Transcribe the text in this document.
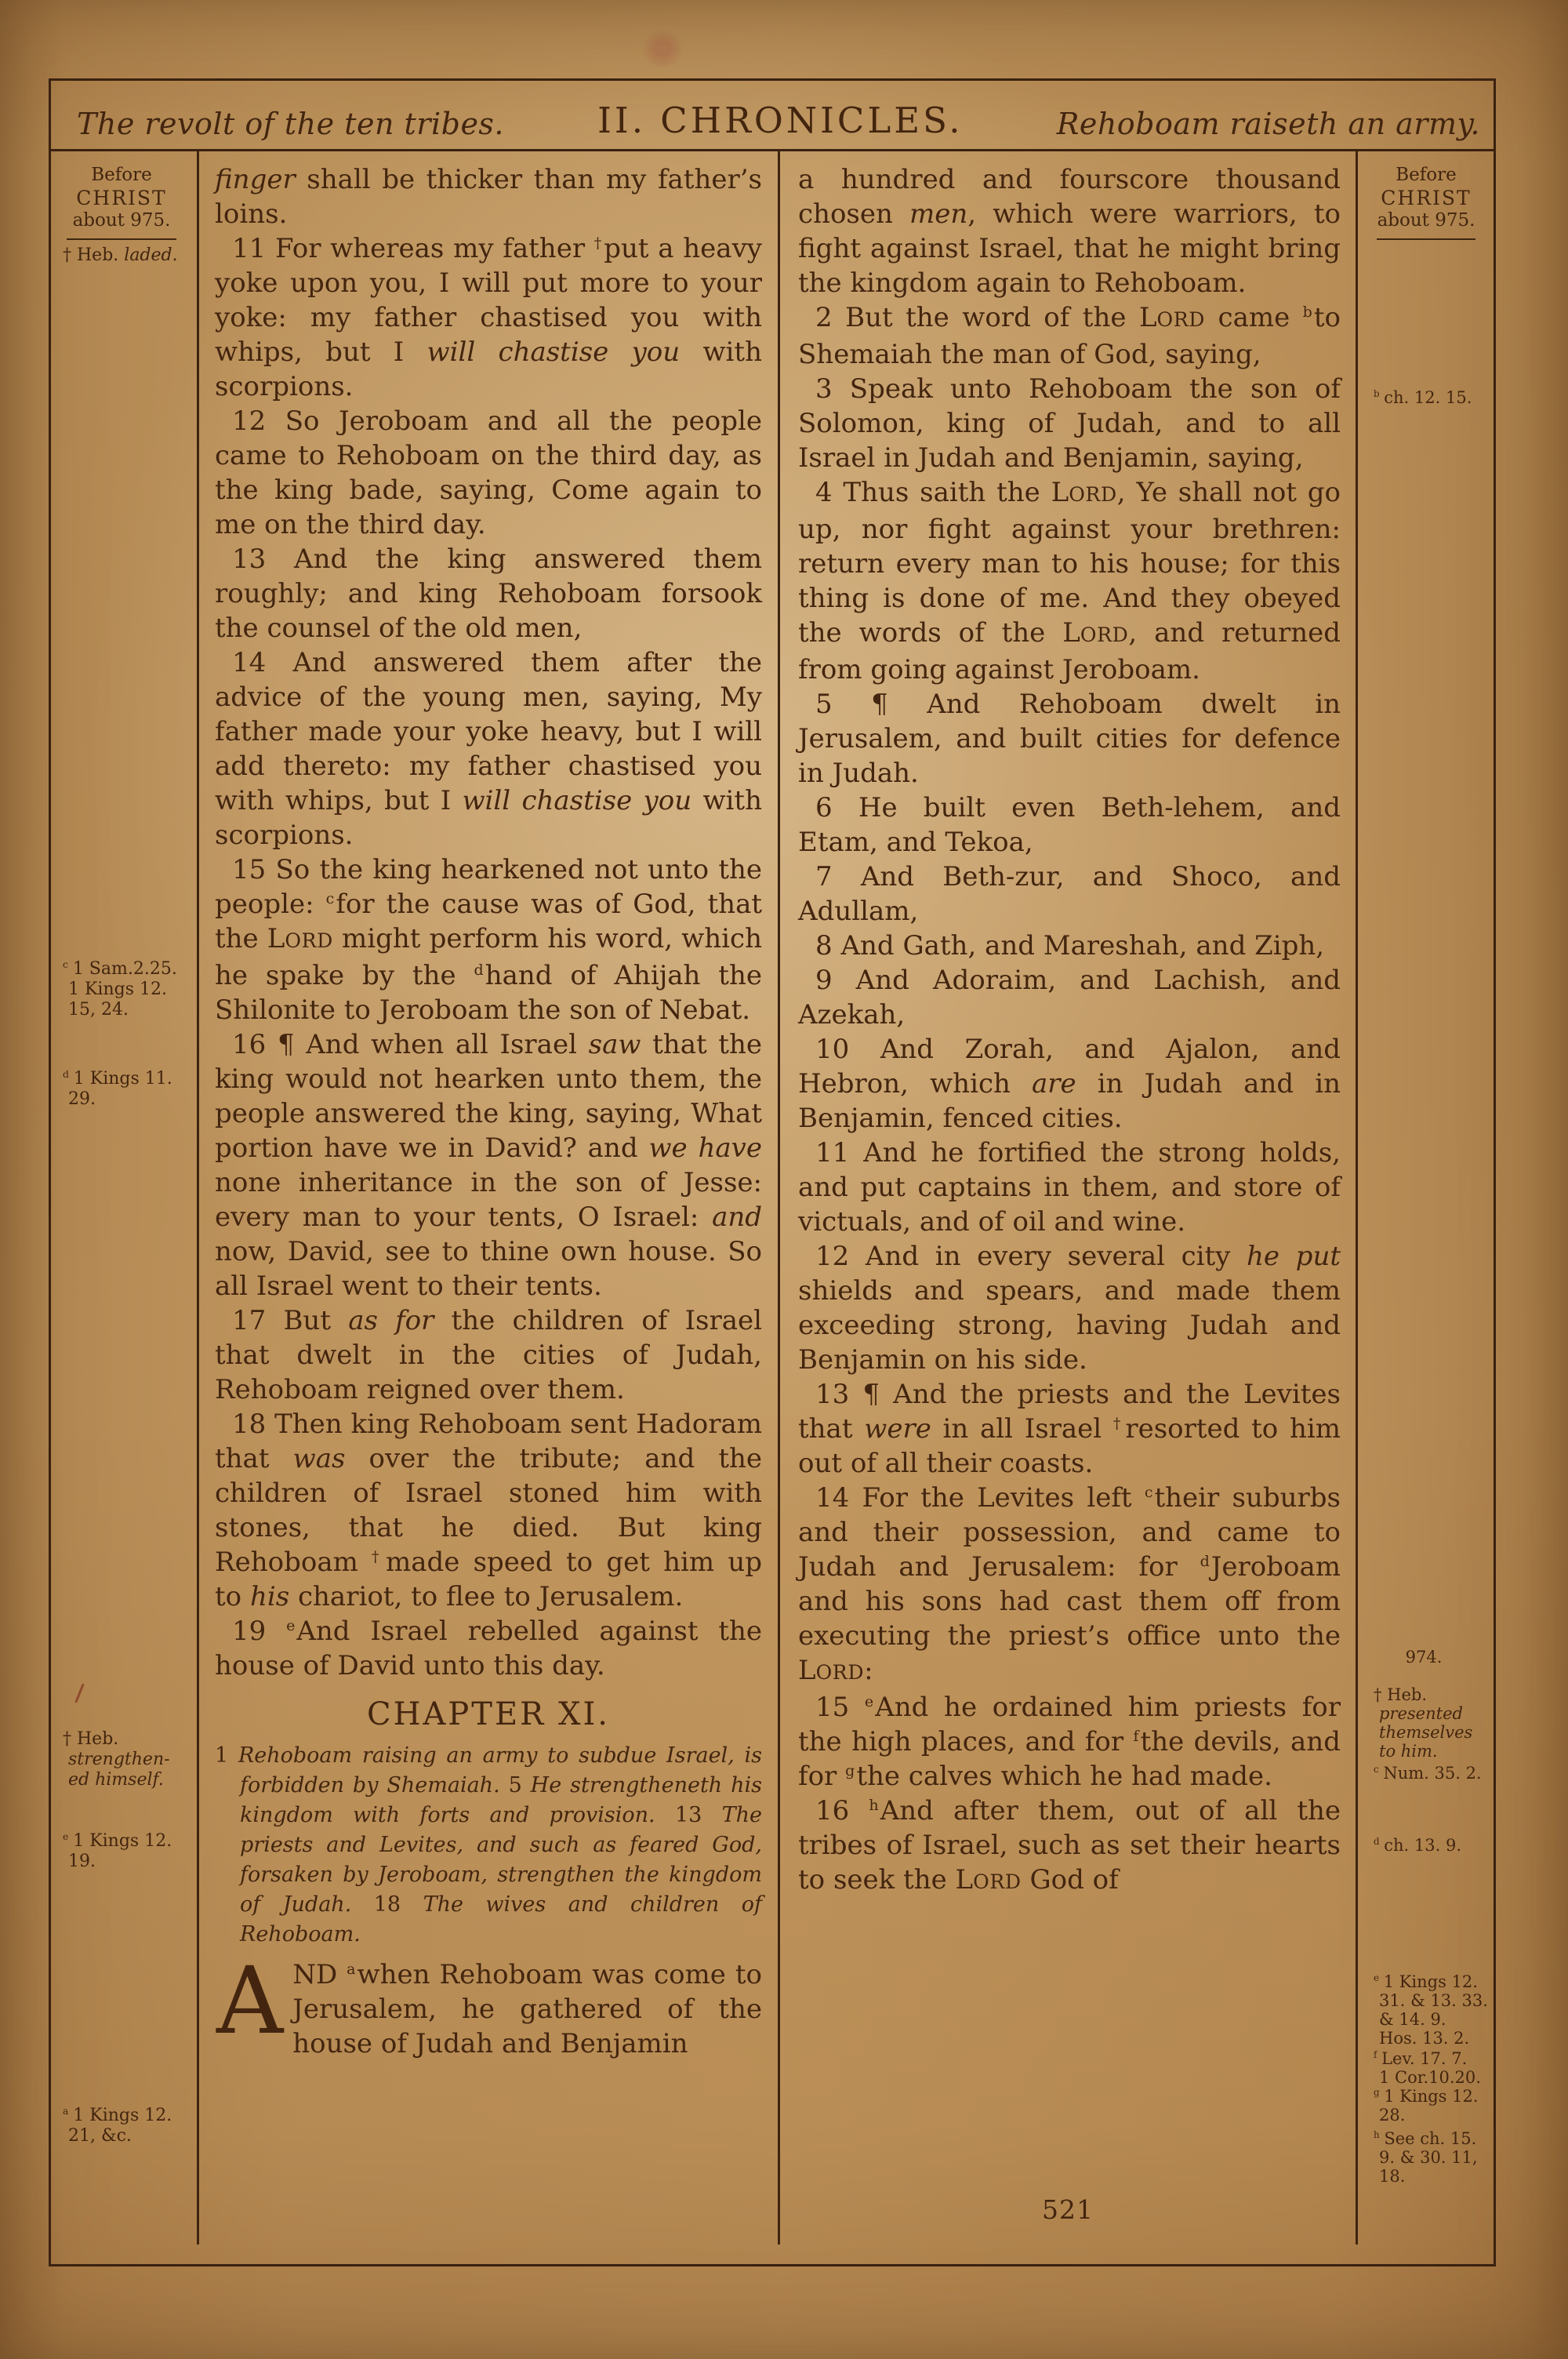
The revolt of the ten tribes.	II. CHRONICLES.	Rehoboam raiseth an army.
Before
CHRIST
about 975.
† Heb. laded.
$^c$ 1 Sam.2.25.
1 Kings 12.
15, 24.
$^d$ 1 Kings 11.
29.
† Heb.
strengthen-
ed himself.
$^e$ 1 Kings 12.
19.
$^a$ 1 Kings 12.
21, &c.
finger shall be thicker than my father’s loins.
11 For whereas my father †put a heavy yoke upon you, I will put more to your yoke: my father chastised you with whips, but I will chastise you with scorpions.
12 So Jeroboam and all the people came to Rehoboam on the third day, as the king bade, saying, Come again to me on the third day.
13 And the king answered them roughly; and king Rehoboam forsook the counsel of the old men,
14 And answered them after the advice of the young men, saying, My father made your yoke heavy, but I will add thereto: my father chastised you with whips, but I will chastise you with scorpions.
15 So the king hearkened not unto the people: $^c$for the cause was of God, that the LORD might perform his word, which he spake by the $^d$hand of Ahijah the Shilonite to Jeroboam the son of Nebat.
16 ¶ And when all Israel saw that the king would not hearken unto them, the people answered the king, saying, What portion have we in David? and we have none inheritance in the son of Jesse: every man to your tents, O Israel: and now, David, see to thine own house. So all Israel went to their tents.
17 But as for the children of Israel that dwelt in the cities of Judah, Rehoboam reigned over them.
18 Then king Rehoboam sent Hadoram that was over the tribute; and the children of Israel stoned him with stones, that he died. But king Rehoboam †made speed to get him up to his chariot, to flee to Jerusalem.
19 $^e$And Israel rebelled against the house of David unto this day.
CHAPTER XI.
1 Rehoboam raising an army to subdue Israel, is forbidden by Shemaiah. 5 He strengtheneth his kingdom with forts and provision. 13 The priests and Levites, and such as feared God, forsaken by Jeroboam, strengthen the kingdom of Judah. 18 The wives and children of Rehoboam.
AND $^a$when Rehoboam was come to Jerusalem, he gathered of the house of Judah and Benjamin
a hundred and fourscore thousand chosen men, which were warriors, to fight against Israel, that he might bring the kingdom again to Rehoboam.
2 But the word of the LORD came $^b$to Shemaiah the man of God, saying,
3 Speak unto Rehoboam the son of Solomon, king of Judah, and to all Israel in Judah and Benjamin, saying,
4 Thus saith the LORD, Ye shall not go up, nor fight against your brethren: return every man to his house; for this thing is done of me. And they obeyed the words of the LORD, and returned from going against Jeroboam.
5 ¶ And Rehoboam dwelt in Jerusalem, and built cities for defence in Judah.
6 He built even Beth-lehem, and Etam, and Tekoa,
7 And Beth-zur, and Shoco, and Adullam,
8 And Gath, and Mareshah, and Ziph,
9 And Adoraim, and Lachish, and Azekah,
10 And Zorah, and Ajalon, and Hebron, which are in Judah and in Benjamin, fenced cities.
11 And he fortified the strong holds, and put captains in them, and store of victuals, and of oil and wine.
12 And in every several city he put shields and spears, and made them exceeding strong, having Judah and Benjamin on his side.
13 ¶ And the priests and the Levites that were in all Israel †resorted to him out of all their coasts.
14 For the Levites left $^c$their suburbs and their possession, and came to Judah and Jerusalem: for $^d$Jeroboam and his sons had cast them off from executing the priest’s office unto the LORD:
15 $^e$And he ordained him priests for the high places, and for $^f$the devils, and for $^g$the calves which he had made.
16 $^h$And after them, out of all the tribes of Israel, such as set their hearts to seek the LORD God of
Before
CHRIST
about 975.
$^b$ ch. 12. 15.
974.
† Heb.
presented
themselves
to him.
$^c$ Num. 35. 2.
$^d$ ch. 13. 9.
$^e$ 1 Kings 12.
31. & 13. 33.
& 14. 9.
Hos. 13. 2.
$^f$ Lev. 17. 7.
1 Cor.10.20.
$^g$ 1 Kings 12.
28.
$^h$ See ch. 15.
9. & 30. 11,
18.
521
